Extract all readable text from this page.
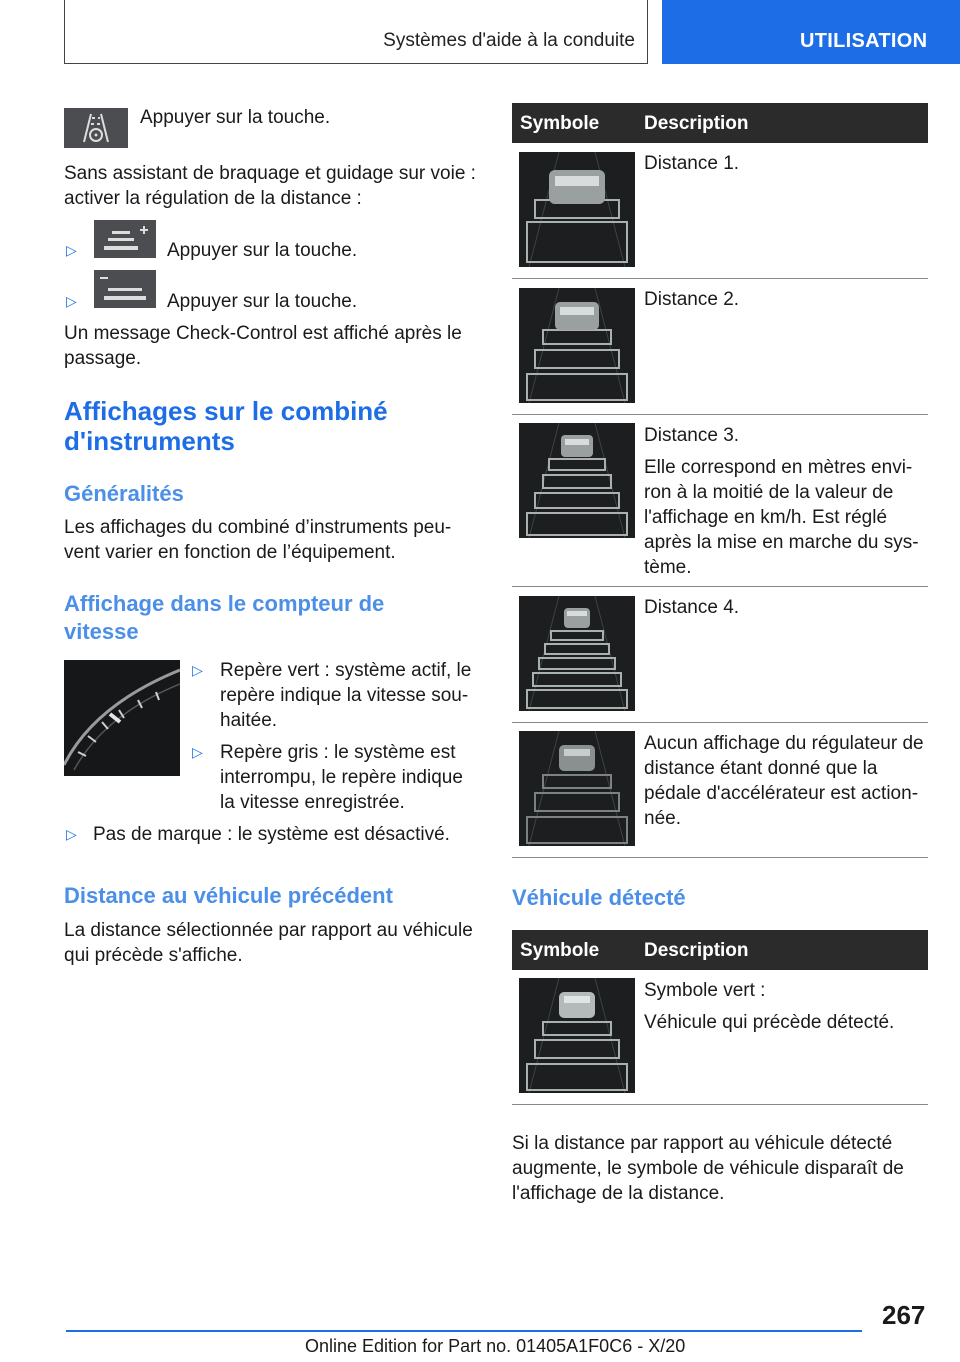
Systèmes d'aide à la conduite	UTILISATION
Appuyer sur la touche.
Sans assistant de braquage et guidage sur voie : activer la régulation de la distance :
▷	Appuyer sur la touche.
▷	Appuyer sur la touche.
Un message Check-Control est affiché après le passage.
Affichages sur le combiné d'instruments
Généralités
Les affichages du combiné d’instruments peu-vent varier en fonction de l’équipement.
Affichage dans le compteur de vitesse
▷ Repère vert : système actif, le repère indique la vitesse sou-haitée.
▷ Repère gris : le système est interrompu, le repère indique la vitesse enregistrée.
▷ Pas de marque : le système est désactivé.
Distance au véhicule précédent
La distance sélectionnée par rapport au véhicule qui précède s'affiche.
Symbole Description
Distance 1.
Distance 2.
Distance 3.
Elle correspond en mètres envi-ron à la moitié de la valeur de l'affichage en km/h. Est réglé après la mise en marche du sys-tème.
Distance 4.
Aucun affichage du régulateur de distance étant donné que la pédale d'accélérateur est action-née.
Véhicule détecté
Symbole Description
Symbole vert :
Véhicule qui précède détecté.
Si la distance par rapport au véhicule détecté augmente, le symbole de véhicule disparaît de l'affichage de la distance.
267
Online Edition for Part no. 01405A1F0C6 - X/20
